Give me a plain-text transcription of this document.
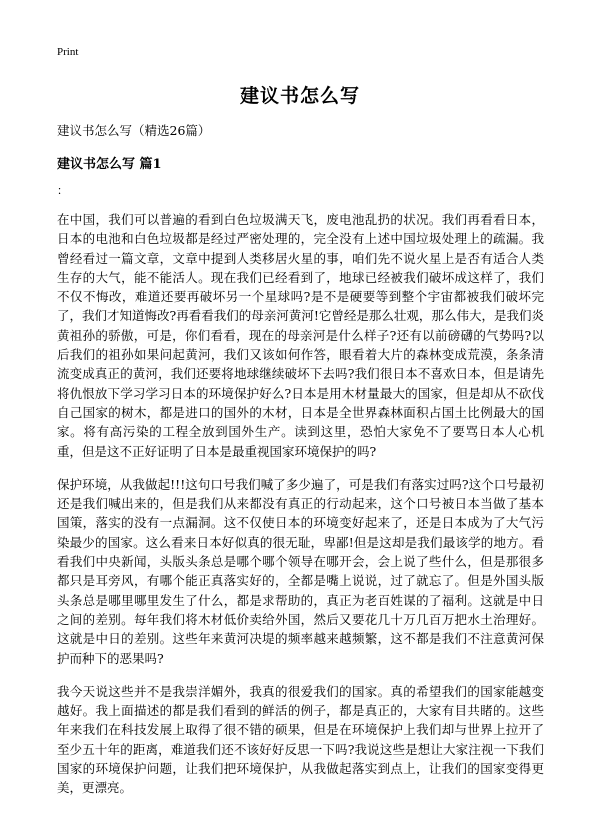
Print
建议书怎么写
建议书怎么写（精选26篇）
建议书怎么写 篇1
：

在中国，我们可以普遍的看到白色垃圾满天飞，废电池乱扔的状况。我们再看看日本，日本的电池和白色垃圾都是经过严密处理的，完全没有上述中国垃圾处理上的疏漏。我曾经看过一篇文章，文章中提到人类移居火星的事，咱们先不说火星上是否有适合人类生存的大气，能不能活人。现在我们已经看到了，地球已经被我们破坏成这样了，我们不仅不悔改，难道还要再破坏另一个星球吗?是不是硬要等到整个宇宙都被我们破坏完了，我们才知道悔改?再看看我们的母亲河黄河!它曾经是那么壮观，那么伟大，是我们炎黄祖孙的骄傲，可是，你们看看，现在的母亲河是什么样子?还有以前磅礴的气势吗?以后我们的祖孙如果问起黄河，我们又该如何作答，眼看着大片的森林变成荒漠，条条清流变成真正的黄河，我们还要将地球继续破坏下去吗?我们很日本不喜欢日本，但是请先将仇恨放下学习学习日本的环境保护好么?日本是用木材量最大的国家，但是却从不砍伐自己国家的树木，都是进口的国外的木材，日本是全世界森林面积占国土比例最大的国家。将有高污染的工程全放到国外生产。读到这里，恐怕大家免不了要骂日本人心机重，但是这不正好证明了日本是最重视国家环境保护的吗?

保护环境，从我做起!!!这句口号我们喊了多少遍了，可是我们有落实过吗?这个口号最初还是我们喊出来的，但是我们从来都没有真正的行动起来，这个口号被日本当做了基本国策，落实的没有一点漏洞。这不仅使日本的环境变好起来了，还是日本成为了大气污染最少的国家。这么看来日本好似真的很无耻，卑鄙!但是这却是我们最该学的地方。看看我们中央新闻，头版头条总是哪个哪个领导在哪开会，会上说了些什么，但是那很多都只是耳旁风，有哪个能正真落实好的，全都是嘴上说说，过了就忘了。但是外国头版头条总是哪里哪里发生了什么，都是求帮助的，真正为老百姓谋的了福利。这就是中日之间的差别。每年我们将木材低价卖给外国，然后又要花几十万几百万把水土治理好。这就是中日的差别。这些年来黄河决堤的频率越来越频繁，这不都是我们不注意黄河保护而种下的恶果吗?

我今天说这些并不是我崇洋媚外，我真的很爱我们的国家。真的希望我们的国家能越变越好。我上面描述的都是我们看到的鲜活的例子，都是真正的，大家有目共睹的。这些年来我们在科技发展上取得了很不错的硕果，但是在环境保护上我们却与世界上拉开了至少五十年的距离，难道我们还不该好好反思一下吗?我说这些是想让大家注视一下我们国家的环境保护问题，让我们把环境保护，从我做起落实到点上，让我们的国家变得更美，更漂亮。
